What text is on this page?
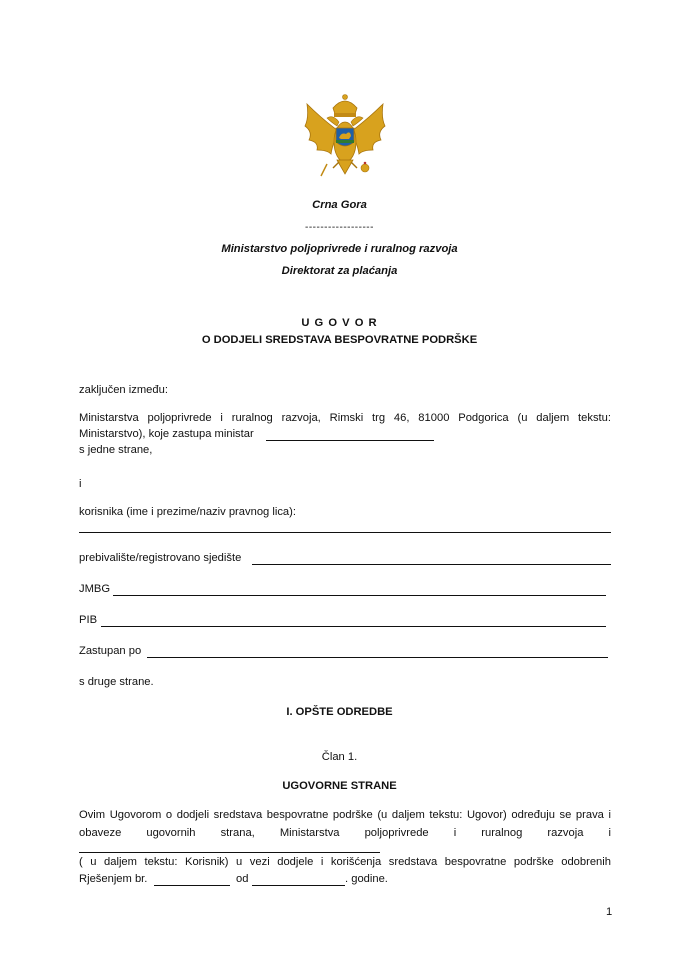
Crna Gora
------------------
Ministarstvo poljoprivrede i ruralnog razvoja
Direktorat za plaćanja
U G O V O R
O DODJELI SREDSTAVA BESPOVRATNE PODRŠKE
zaključen između:
Ministarstva poljoprivrede i ruralnog razvoja, Rimski trg 46, 81000 Podgorica (u daljem tekstu:
Ministarstvo), koje zastupa ministar
s jedne strane,
i
korisnika (ime i prezime/naziv pravnog lica):
prebivalište/registrovano sjedište
JMBG
PIB
Zastupan po
s druge strane.
I. OPŠTE ODREDBE
Član 1.
UGOVORNE STRANE
Ovim Ugovorom o dodjeli sredstava bespovratne podrške (u daljem tekstu: Ugovor) određuju se prava i
obaveze ugovornih strana, Ministarstva poljoprivrede i ruralnog razvoja i
( u daljem tekstu: Korisnik) u vezi dodjele i korišćenja sredstava bespovratne podrške odobrenih
Rješenjem br.	od	. godine.
1
